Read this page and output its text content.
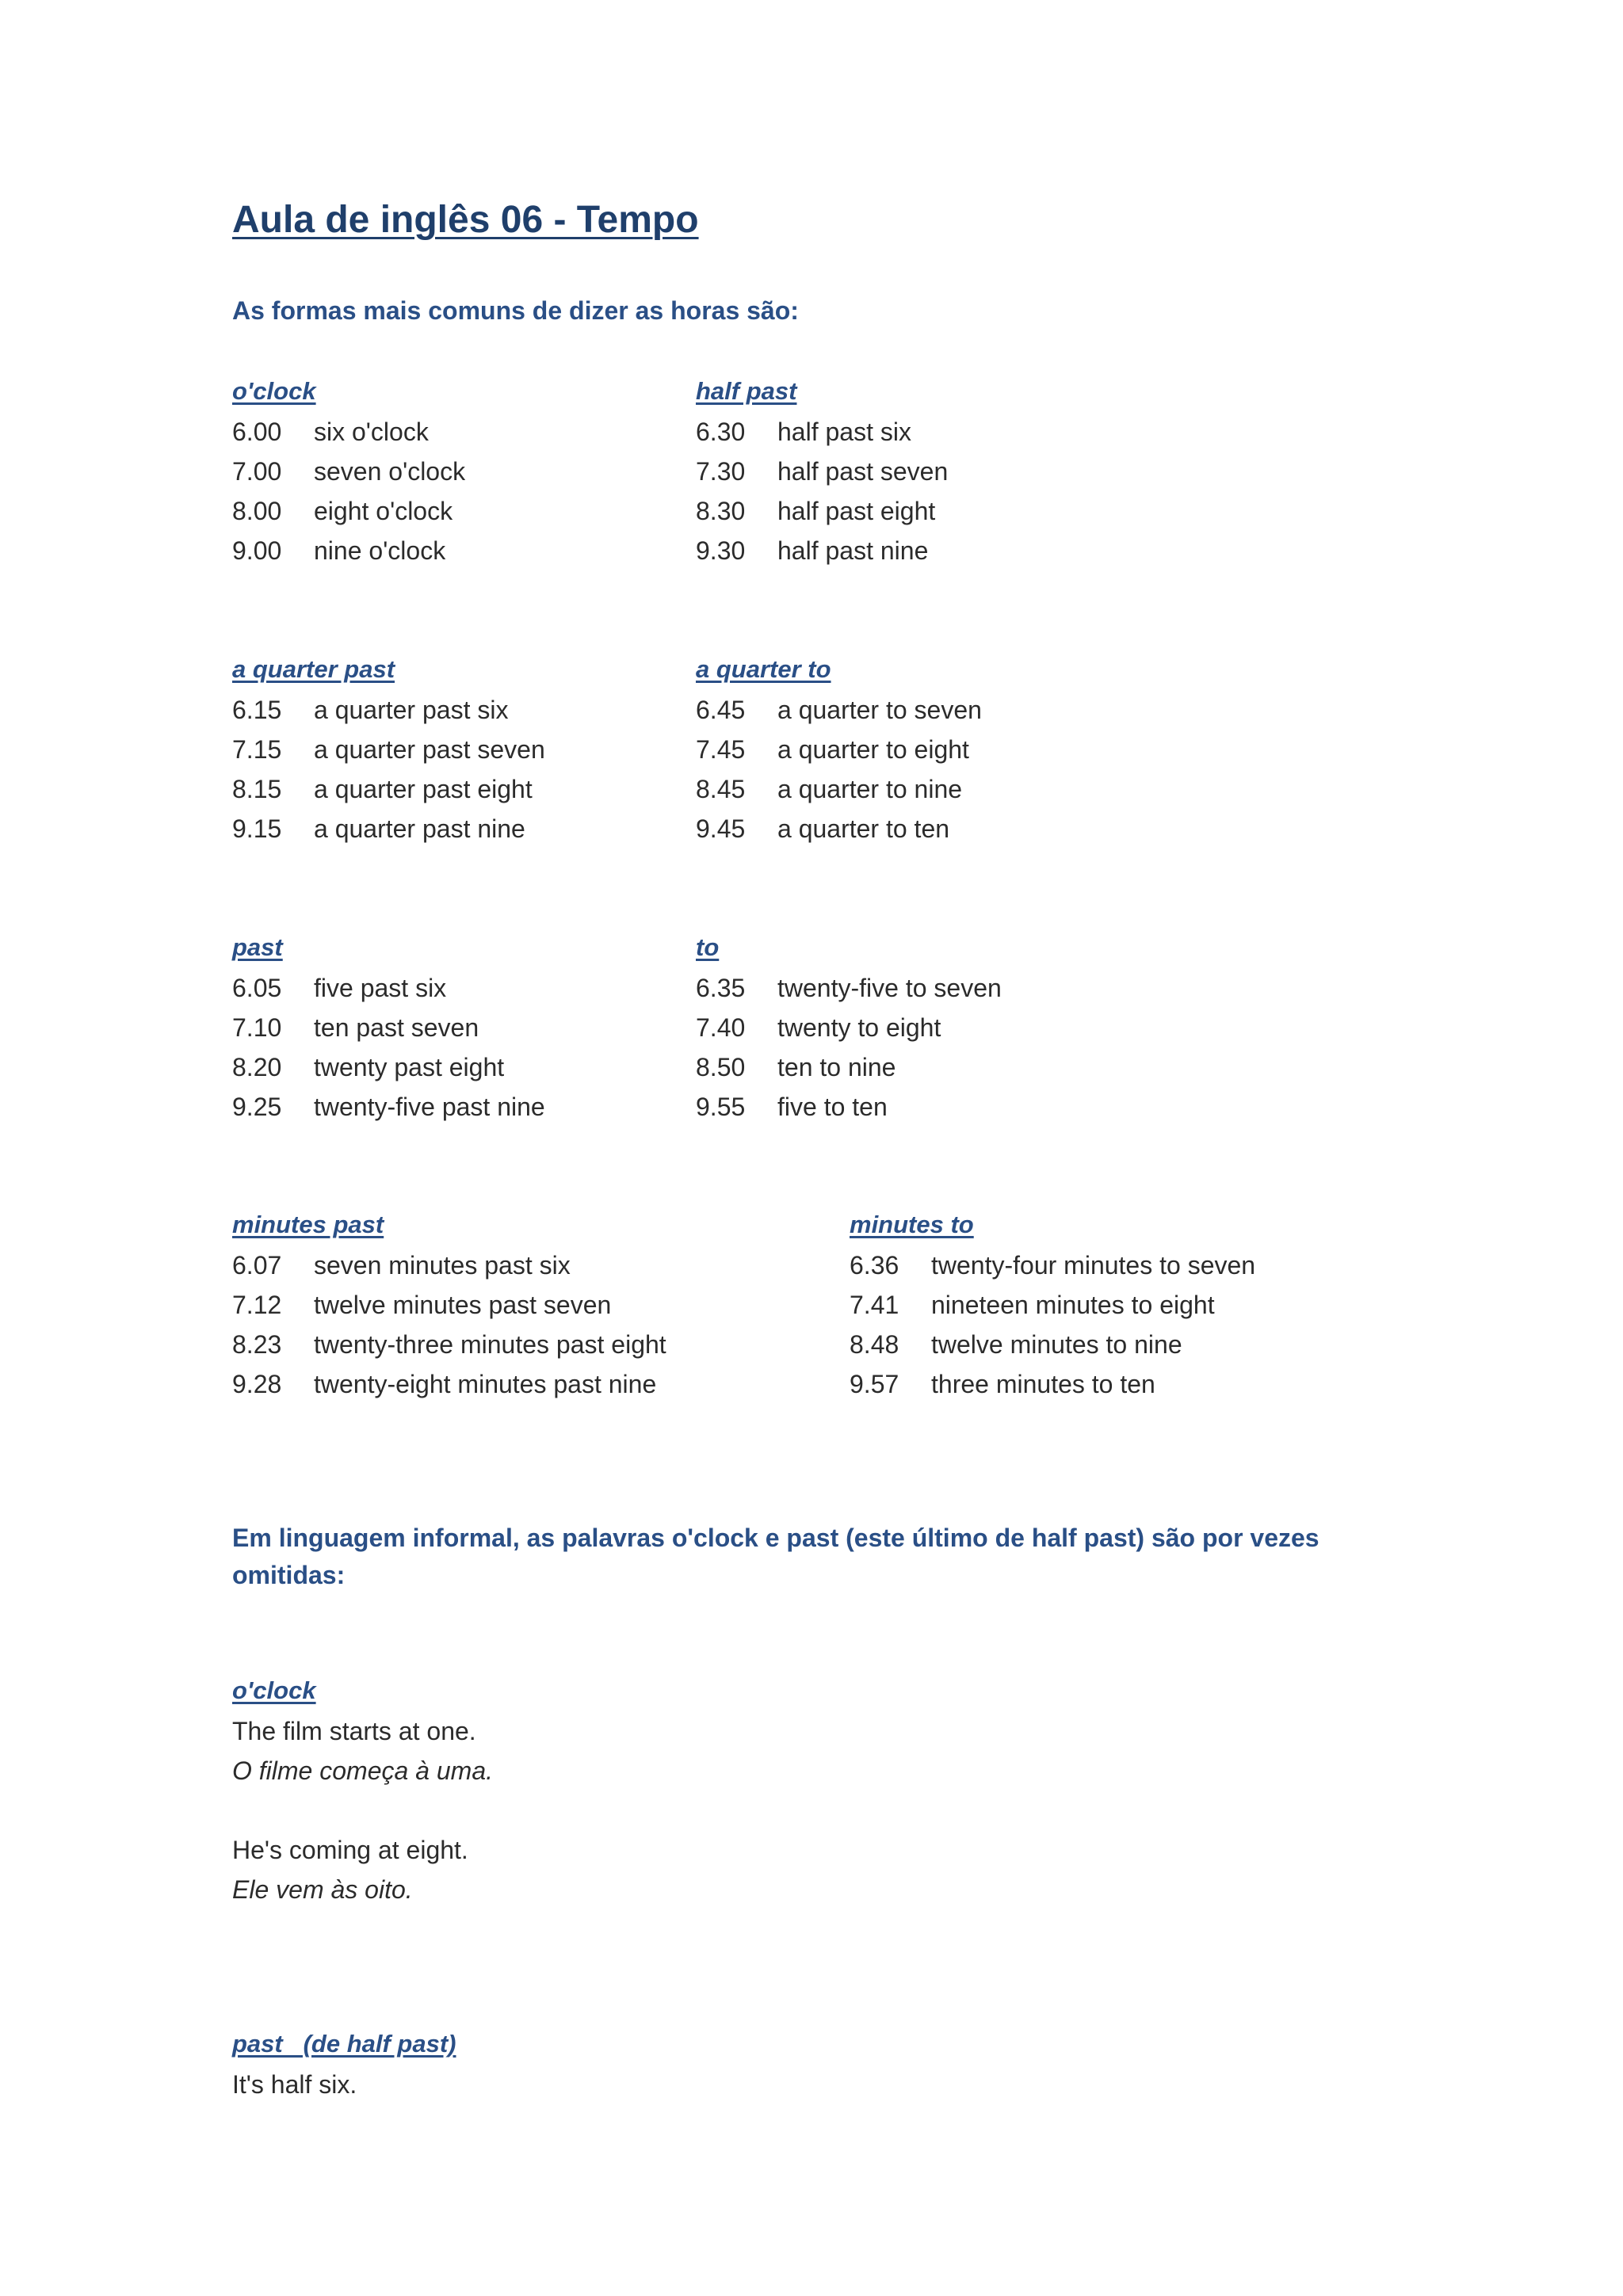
Aula de inglês 06 - Tempo
As formas mais comuns de dizer as horas são:
o'clock
6.00 six o'clock
7.00 seven o'clock
8.00 eight o'clock
9.00 nine o'clock
half past
6.30 half past six
7.30 half past seven
8.30 half past eight
9.30 half past nine
a quarter past
6.15 a quarter past six
7.15 a quarter past seven
8.15 a quarter past eight
9.15 a quarter past nine
a quarter to
6.45 a quarter to seven
7.45 a quarter to eight
8.45 a quarter to nine
9.45 a quarter to ten
past
6.05 five past six
7.10 ten past seven
8.20 twenty past eight
9.25 twenty-five past nine
to
6.35 twenty-five to seven
7.40 twenty to eight
8.50 ten to nine
9.55 five to ten
minutes past
6.07 seven minutes past six
7.12 twelve minutes past seven
8.23 twenty-three minutes past eight
9.28 twenty-eight minutes past nine
minutes to
6.36 twenty-four minutes to seven
7.41 nineteen minutes to eight
8.48 twelve minutes to nine
9.57 three minutes to ten
Em linguagem informal, as palavras o'clock e past (este último de half past) são por vezes omitidas:
o'clock
The film starts at one.
O filme começa à uma.
He's coming at eight.
Ele vem às oito.
past   (de half past)
It's half six.
